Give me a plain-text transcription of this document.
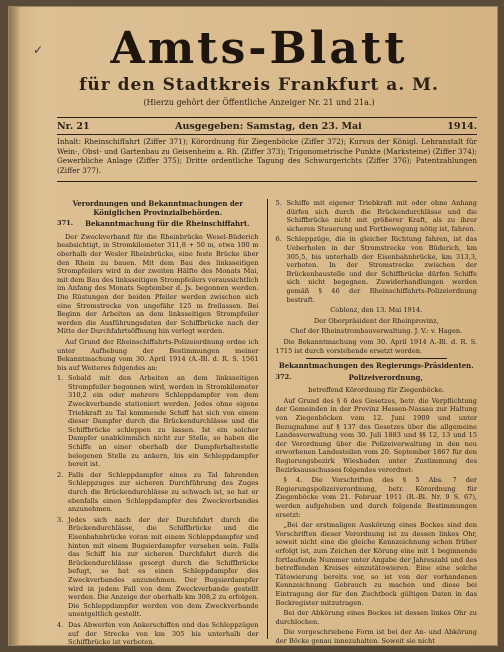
✓	Amts-Blatt
für den Stadtkreis Frankfurt a. M.
(Hierzu gehört der Öffentliche Anzeiger Nr. 21 und 21a.)
Nr. 21	Ausgegeben: Samstag, den 23. Mai	1914.
Inhalt: Rheinschiffahrt (Ziffer 371); Körordnung für Ziegenböcke (Ziffer 372); Kursus der Königl. Lehranstalt für Wein-, Obst- und Gartenbau zu Geisenheim a. Rh. (Ziffer 373); Trigonometrische Punkte (Marksteine) (Ziffer 374); Gewerbliche Anlage (Ziffer 375); Dritte ordentliche Tagung des Schwurgerichts (Ziffer 376); Patentzahlungen (Ziffer 377).
Verordnungen und Bekanntmachungen der Königlichen Provinzialbehörden.
371.	Bekanntmachung für die Rheinschiffahrt.

Der Zweckverband für die Rheinbrücke Wesel-Büderich beabsichtigt, in Stromkilometer 311,8 + 50 m, etwa 100 m oberhalb der Wesler Rheinbrücke, eine feste Brücke über den Rhein zu bauen. Mit dem Bau des linksseitigen Strompfeilers wird in der zweiten Hälfte des Monats Mai, mit dem Bau des linksseitigen Strompfeilers voraussichtlich im Anfang des Monats September d. Js. begonnen werden. Die Rüstungen der beiden Pfeiler werden zwischen sich eine Stromstrecke von ungefähr 125 m freilassen. Bei Beginn der Arbeiten an dem linksseitigen Strompfeiler werden die Ausführungsdaten der Schiffbrücke nach der Mitte der Durchfahrtsöffnung hin verlegt werden.

Auf Grund der Rheinschiffahrts-Polizeiordnung ordne ich unter Aufhebung der Bestimmungen meiner Bekanntmachung vom 30. April 1914 (A.-Bl. d. R. S. 1561 bis auf Weiteres folgendes an:

1. Sobald mit den Arbeiten an dem linksseitigen Strompfeiler begonnen wird, werden in Stromkilometer 310,2 ein oder mehrere Schleppdampfer von dem Zweckverbande stationiert werden. Jedes ohne eigene Triebkraft zu Tal kommende Schiff hat sich von einem dieser Dampfer durch die Brückendurchlässe und die Schiffbrücke schleppen zu lassen. Ist ein solcher Dampfer unabkömmlich nicht zur Stelle, so haben die Schiffe an einer oberhalb der Dampferhaltestelle belegenen Stelle zu ankern, bis ein Schleppdampfer bereit ist.
2. Falls der Schleppdampfer eines zu Tal fahrenden Schleppzuges zur sicheren Durchführung des Zuges durch die Brückendurchlässe zu schwach ist, so hat er ebenfalls einen Schleppdampfer des Zweckverbandes anzunehmen.
3. Jedes sich nach der der Durchfahrt durch die Brückendurchlässe, die Schiffbrücke und die Eisenbahnbrücke voran mit einem Schleppdampfer und hinten mit einem Bugsierdampfer versehen sein. Falls das Schiff bis zur sicheren Durchfahrt durch die Brückendurchlässe gesorgt durch die Schiffbrücke befugt, so hat es einen Schleppdampfer des Zweckverbandes anzunehmen. Der Bugsierdampfer wird in jedem Fall von dem Zweckverbande gestellt werden. Die Anzeige der oberhalb km 308,2 zu erfolgen. Die Schleppdampfer werden von dem Zweckverbande unentgeltlich gestellt.
4. Das Abwerfen von Ankerschiffen und das Schleppzügen auf der Strecke von km 305 bis unterhalb der Schiffbrücke ist verboten.
5. Schiffe mit eigener Triebkraft mit oder ohne Anhang dürfen sich durch die Brückendurchlässe und die Schiffbrücke nicht mit größerer Kraft, als zu ihrer sicheren Steuerung und Fortbewegung nötig ist, fahren.
6. Schleppzüge, die in gleicher Richtung fahren, ist das Ueberholen in der Stromstrecke von Büderich, km 305,5, bis unterhalb der Eisenbahnbrücke, km 313,3, verboten. In der Stromstrecke zwischen der Brückenbaustelle und der Schiffbrücke dürfen Schiffe sich nicht begegnen. Zuwiderhandlungen werden gemäß § 46 der Rheinschiffahrts-Polizeiordnung bestraft.

Coblenz, den 13. Mai 1914.

Der Oberpräsident der Rheinprovinz,

Chef der Rheinstrombauverwaltung. J. V.: v. Hagen.

Die Bekanntmachung vom 30. April 1914 A.-Bl. d. R. S. 1715 ist durch vorstehende ersetzt worden.

Bekanntmachungen des Regierungs-Präsidenten.
372.	Polizeiverordnung,

betreffend Körordnung für Ziegenböcke.

Auf Grund des § 6 des Gesetzes, betr. die Verpflichtung der Gemeinden in der Provinz Hessen-Nassau zur Haltung von Ziegenböcken vom 12. Juni 1909 und unter Bezugnahme auf § 137 des Gesetzes über die allgemeine Landesverwaltung vom 30. Juli 1883 und §§ 12, 13 und 15 der Verordnung über die Polizeiverwaltung in den neu erworbenen Landesteilen vom 20. September 1867 für den Regierungsbezirk Wiesbaden unter Zustimmung des Bezirksausschusses folgendes verordnet:

§ 4. Die Vorschriften des § 5 Abs. 7 der Regierungspolizeiverordnung, betr. Körordnung für Ziegenböcke vom 21. Februar 1911 (R.-Bl. Nr. 9 S. 67), werden aufgehoben und durch folgende Bestimmungen ersetzt:

„Bei der erstmaligen Auskörung eines Bockes sind den Vorschriften dieser Verordnung ist zu dessen linkes Ohr, soweit nicht eine die gleiche Kennzeichnung schon früher erfolgt ist, zum Zeichen der Körung eine mit 1 beginnende fortlaufende Nummer unter Angabe der Jahreszahl und des betreffenden Kreises einzutätowieren. Eine eine solche Tätowierung bereits vor, so ist von der vorhandenen Kennzeichnung Gebrauch zu machen und diese bei Eintragung der für den Zuchtbock gültigen Daten in das Bockregister mitzutragen.

Bei der Abkörung eines Bockes ist dessen linkes Ohr zu durchlochen.

Die vorgeschriebene Form ist bei der An- und Abkörung der Böcke genau innezuhalten. Soweit sie nicht
